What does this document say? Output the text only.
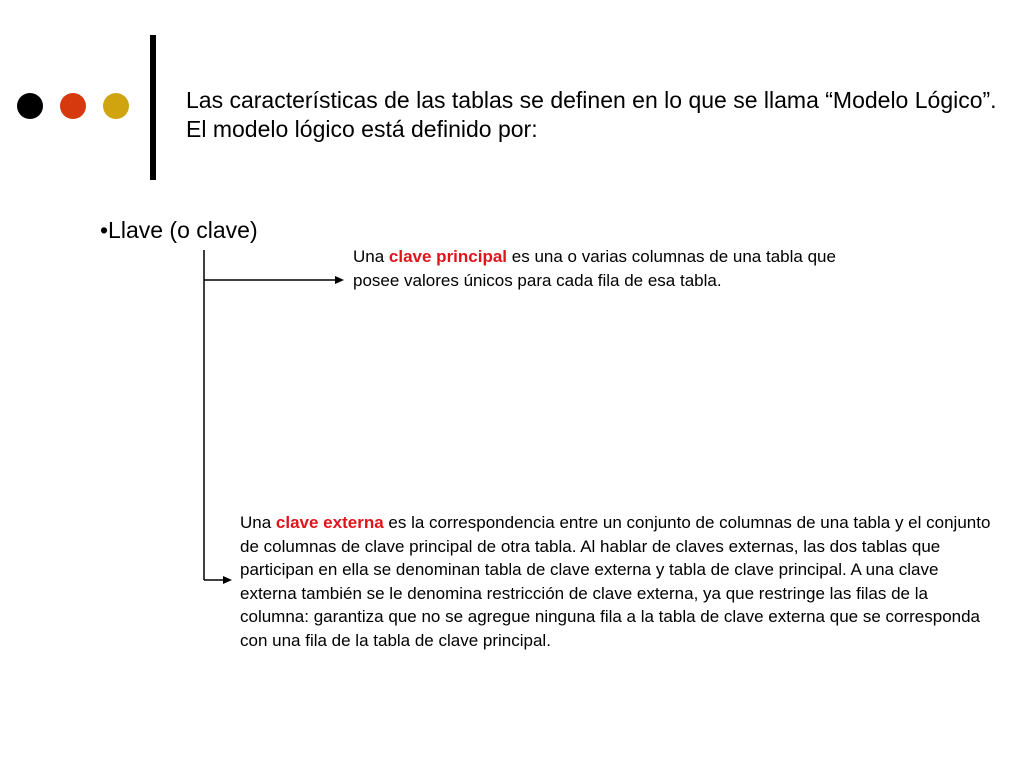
Las características de las tablas se definen en lo que se llama “Modelo Lógico”. El modelo lógico está definido por:

•Llave (o clave)

Una clave principal es una o varias columnas de una tabla que posee valores únicos para cada fila de esa tabla.

Una clave externa es la correspondencia entre un conjunto de columnas de una tabla y el conjunto de columnas de clave principal de otra tabla. Al hablar de claves externas, las dos tablas que participan en ella se denominan tabla de clave externa y tabla de clave principal. A una clave externa también se le denomina restricción de clave externa, ya que restringe las filas de la columna: garantiza que no se agregue ninguna fila a la tabla de clave externa que se corresponda con una fila de la tabla de clave principal.
